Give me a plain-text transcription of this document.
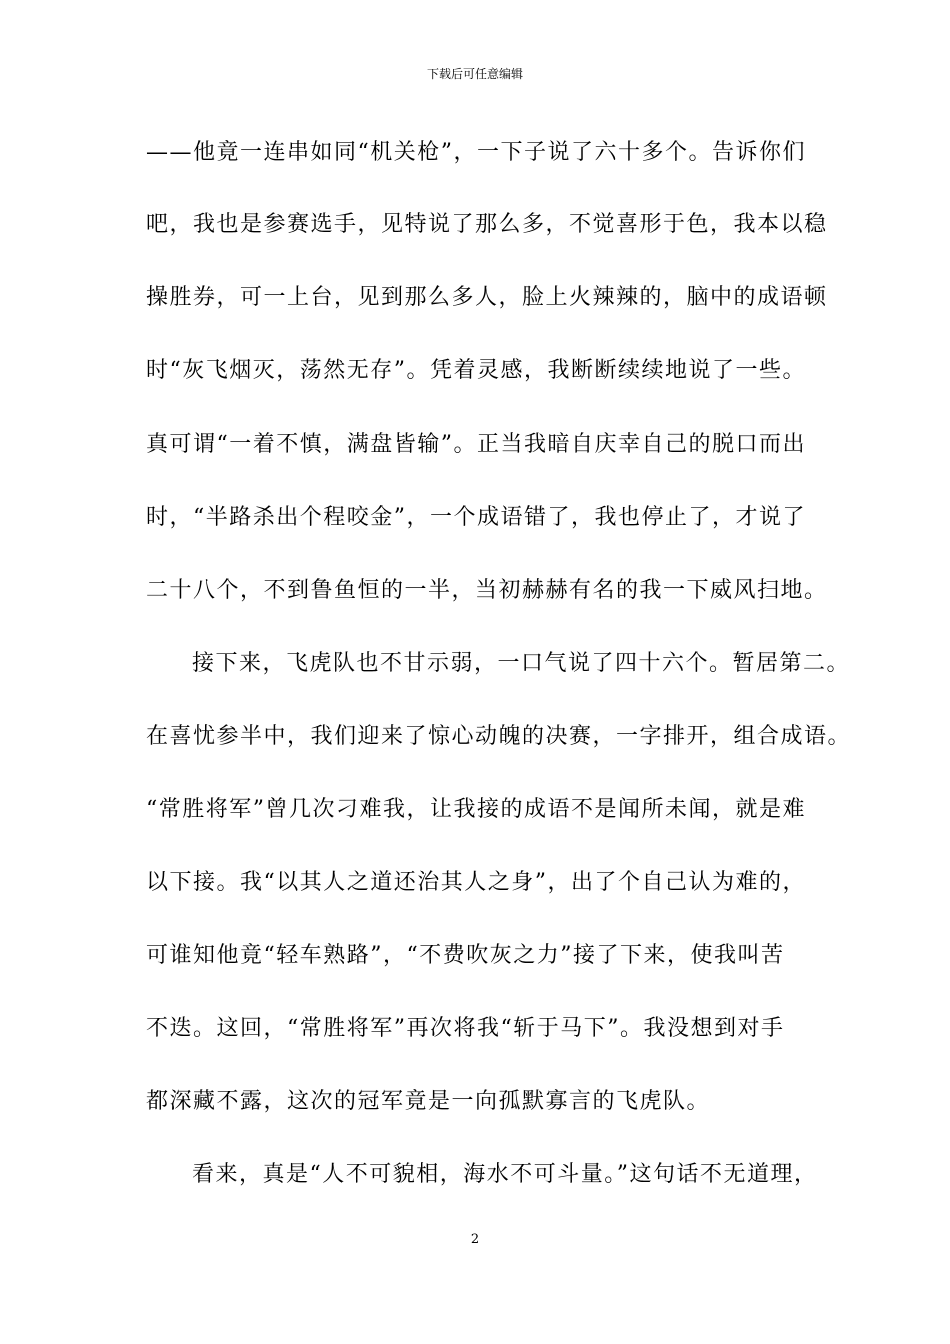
下载后可任意编辑
——他竟一连串如同“机关枪”，一下子说了六十多个。告诉你们
吧，我也是参赛选手，见特说了那么多，不觉喜形于色，我本以稳
操胜券，可一上台，见到那么多人，脸上火辣辣的，脑中的成语顿
时“灰飞烟灭，荡然无存”。凭着灵感，我断断续续地说了一些。
真可谓“一着不慎，满盘皆输”。正当我暗自庆幸自己的脱口而出
时，“半路杀出个程咬金”，一个成语错了，我也停止了，才说了
二十八个，不到鲁鱼恒的一半，当初赫赫有名的我一下威风扫地。
接下来，飞虎队也不甘示弱，一口气说了四十六个。暂居第二。
在喜忧参半中，我们迎来了惊心动魄的决赛，一字排开，组合成语。
“常胜将军”曾几次刁难我，让我接的成语不是闻所未闻，就是难
以下接。我“以其人之道还治其人之身”，出了个自己认为难的，
可谁知他竟“轻车熟路”，“不费吹灰之力”接了下来，使我叫苦
不迭。这回，“常胜将军”再次将我“斩于马下”。我没想到对手
都深藏不露，这次的冠军竟是一向孤默寡言的飞虎队。
看来，真是“人不可貌相，海水不可斗量。”这句话不无道理，
2
